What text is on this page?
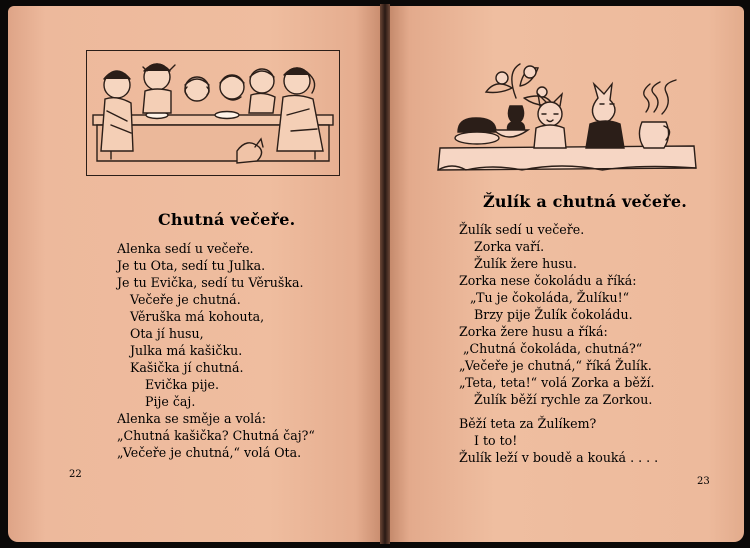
Chutná večeře.
Alenka sedí u večeře.
Je tu Ota, sedí tu Julka.
Je tu Evička, sedí tu Věruška.
Večeře je chutná.
Věruška má kohouta,
Ota jí husu,
Julka má kašičku.
Kašička jí chutná.
Evička pije.
Pije čaj.
Alenka se směje a volá:
„Chutná kašička? Chutná čaj?“
„Večeře je chutná,“ volá Ota.
22
Žulík a chutná večeře.
Žulík sedí u večeře.
Zorka vaří.
Žulík žere husu.
Zorka nese čokoládu a říká:
„Tu je čokoláda, Žulíku!“
Brzy pije Žulík čokoládu.
Zorka žere husu a říká:
„Chutná čokoláda, chutná?“
„Večeře je chutná,“ říká Žulík.
„Teta, teta!“ volá Zorka a běží.
Žulík běží rychle za Zorkou.
Běží teta za Žulíkem?
I to to!
Žulík leží v boudě a kouká . . . .
23
